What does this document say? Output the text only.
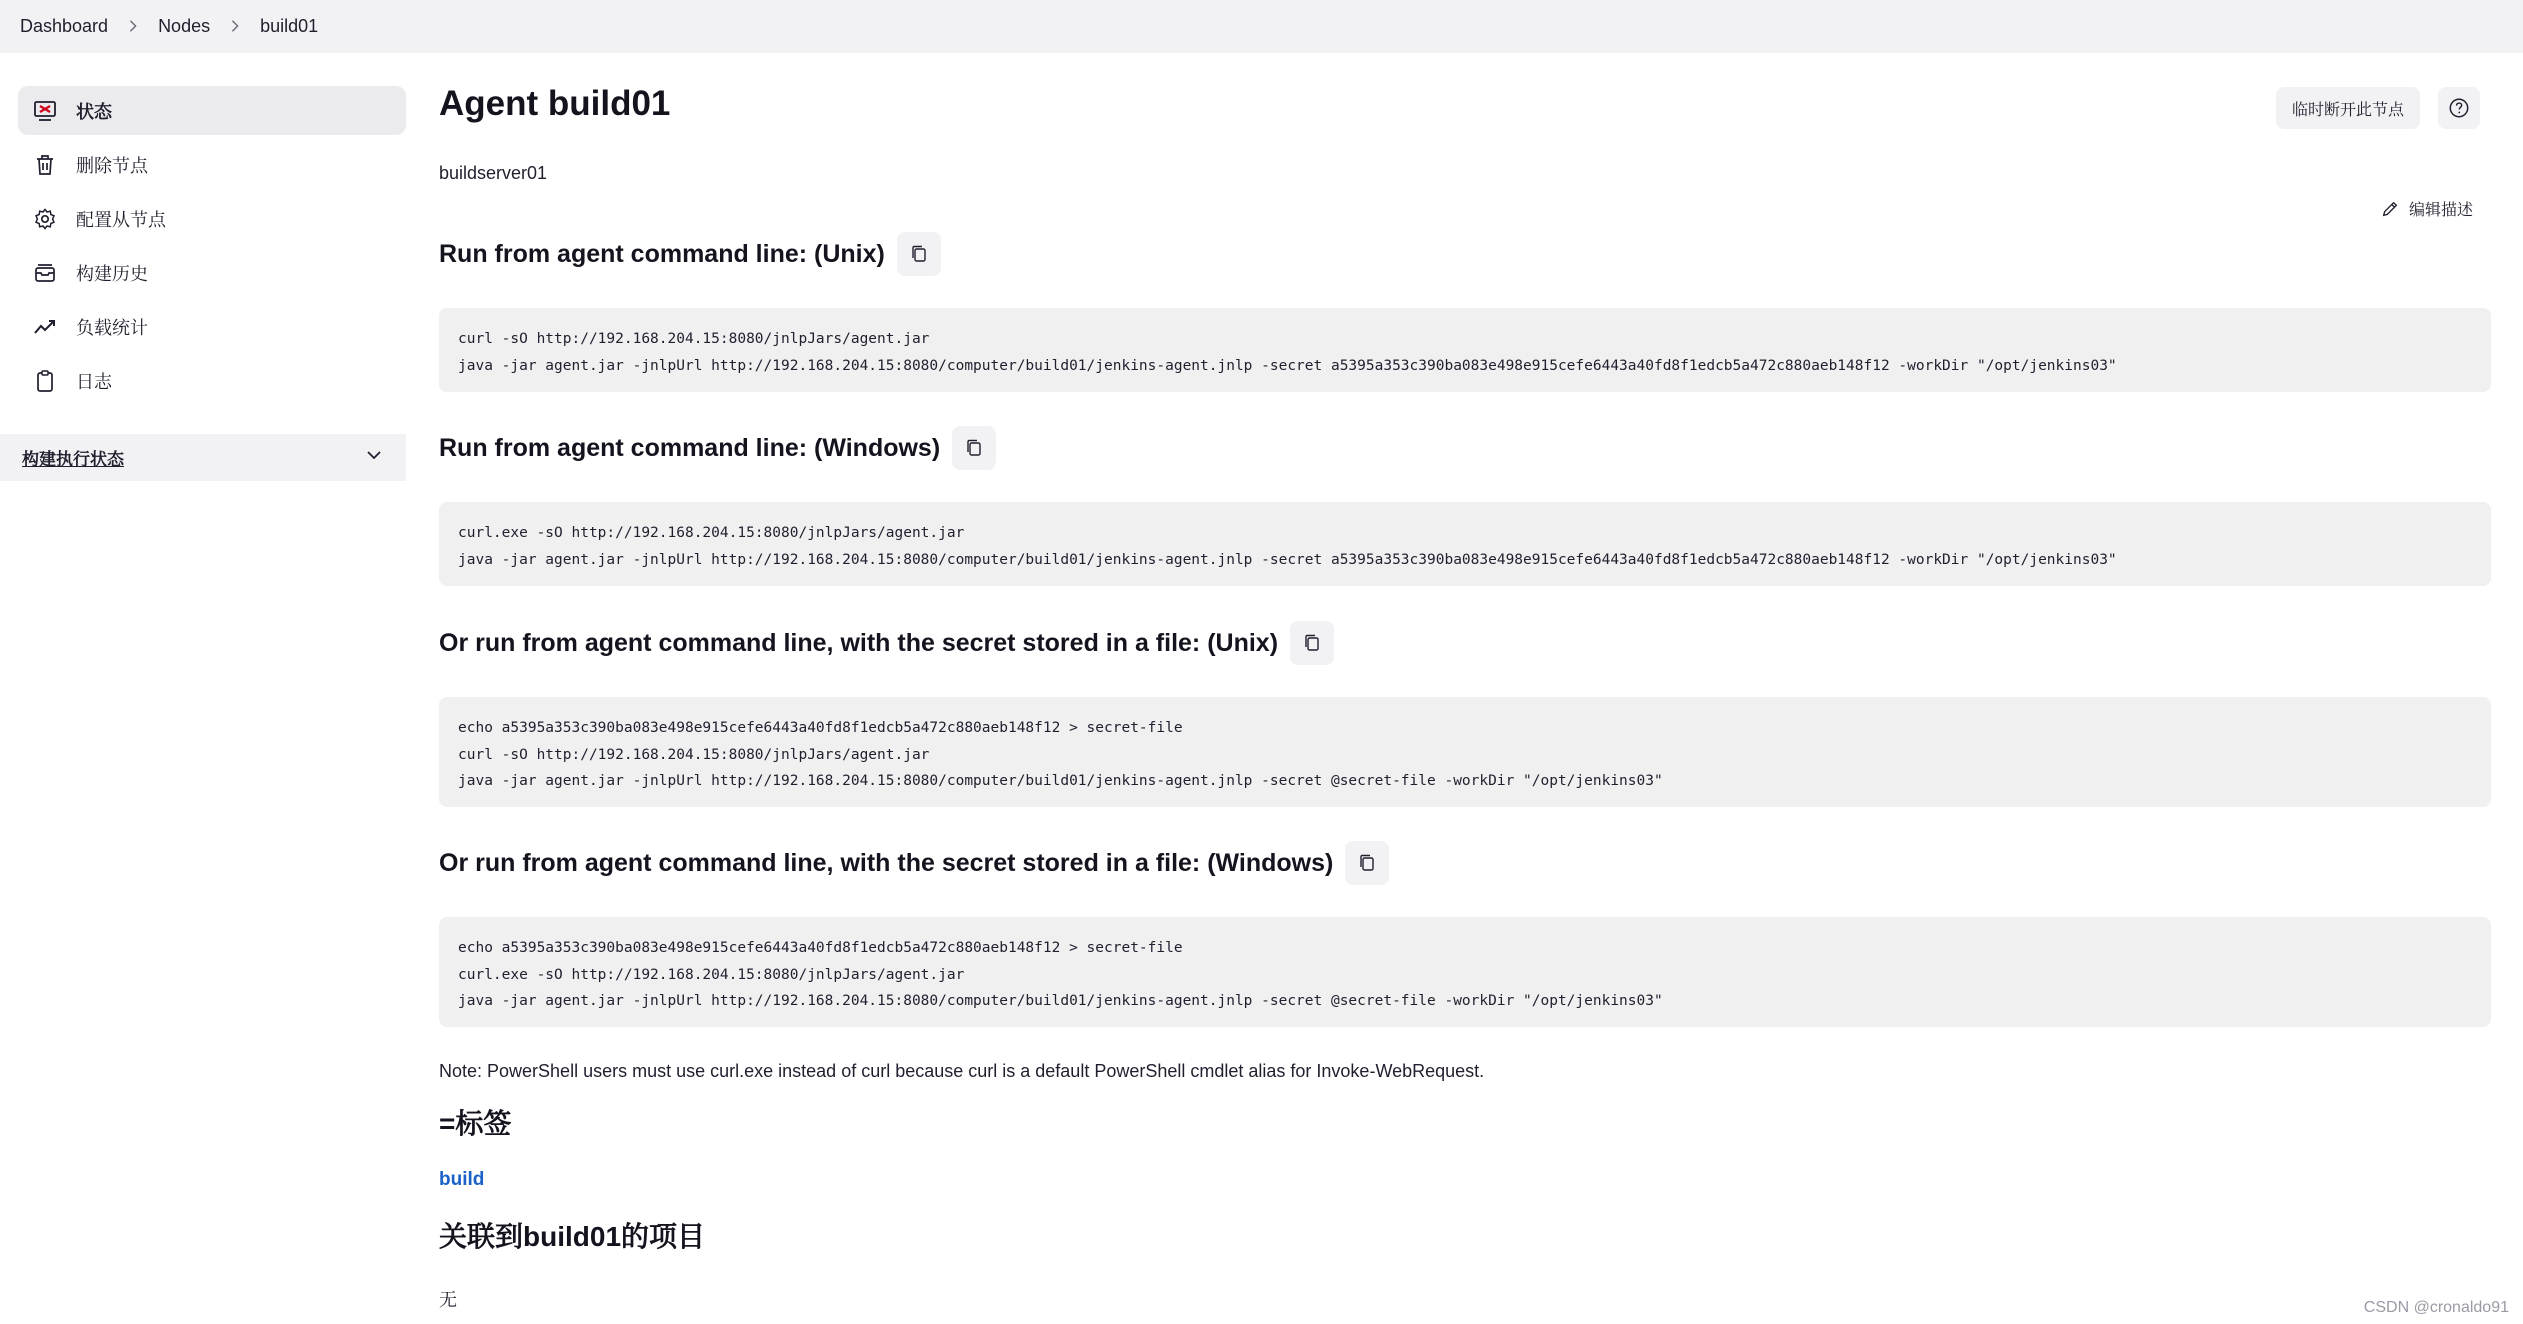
Dashboard	Nodes	build01
状态
删除节点
配置从节点
构建历史
负载统计
日志
构建执行状态
Agent build01
buildserver01
临时断开此节点
编辑描述
Run from agent command line: (Unix)
curl -sO http://192.168.204.15:8080/jnlpJars/agent.jar
java -jar agent.jar -jnlpUrl http://192.168.204.15:8080/computer/build01/jenkins-agent.jnlp -secret a5395a353c390ba083e498e915cefe6443a40fd8f1edcb5a472c880aeb148f12 -workDir "/opt/jenkins03"
Run from agent command line: (Windows)
curl.exe -sO http://192.168.204.15:8080/jnlpJars/agent.jar
java -jar agent.jar -jnlpUrl http://192.168.204.15:8080/computer/build01/jenkins-agent.jnlp -secret a5395a353c390ba083e498e915cefe6443a40fd8f1edcb5a472c880aeb148f12 -workDir "/opt/jenkins03"
Or run from agent command line, with the secret stored in a file: (Unix)
echo a5395a353c390ba083e498e915cefe6443a40fd8f1edcb5a472c880aeb148f12 > secret-file
curl -sO http://192.168.204.15:8080/jnlpJars/agent.jar
java -jar agent.jar -jnlpUrl http://192.168.204.15:8080/computer/build01/jenkins-agent.jnlp -secret @secret-file -workDir "/opt/jenkins03"
Or run from agent command line, with the secret stored in a file: (Windows)
echo a5395a353c390ba083e498e915cefe6443a40fd8f1edcb5a472c880aeb148f12 > secret-file
curl.exe -sO http://192.168.204.15:8080/jnlpJars/agent.jar
java -jar agent.jar -jnlpUrl http://192.168.204.15:8080/computer/build01/jenkins-agent.jnlp -secret @secret-file -workDir "/opt/jenkins03"
Note: PowerShell users must use curl.exe instead of curl because curl is a default PowerShell cmdlet alias for Invoke-WebRequest.
=标签
build
关联到build01的项目
无	CSDN @cronaldo91
